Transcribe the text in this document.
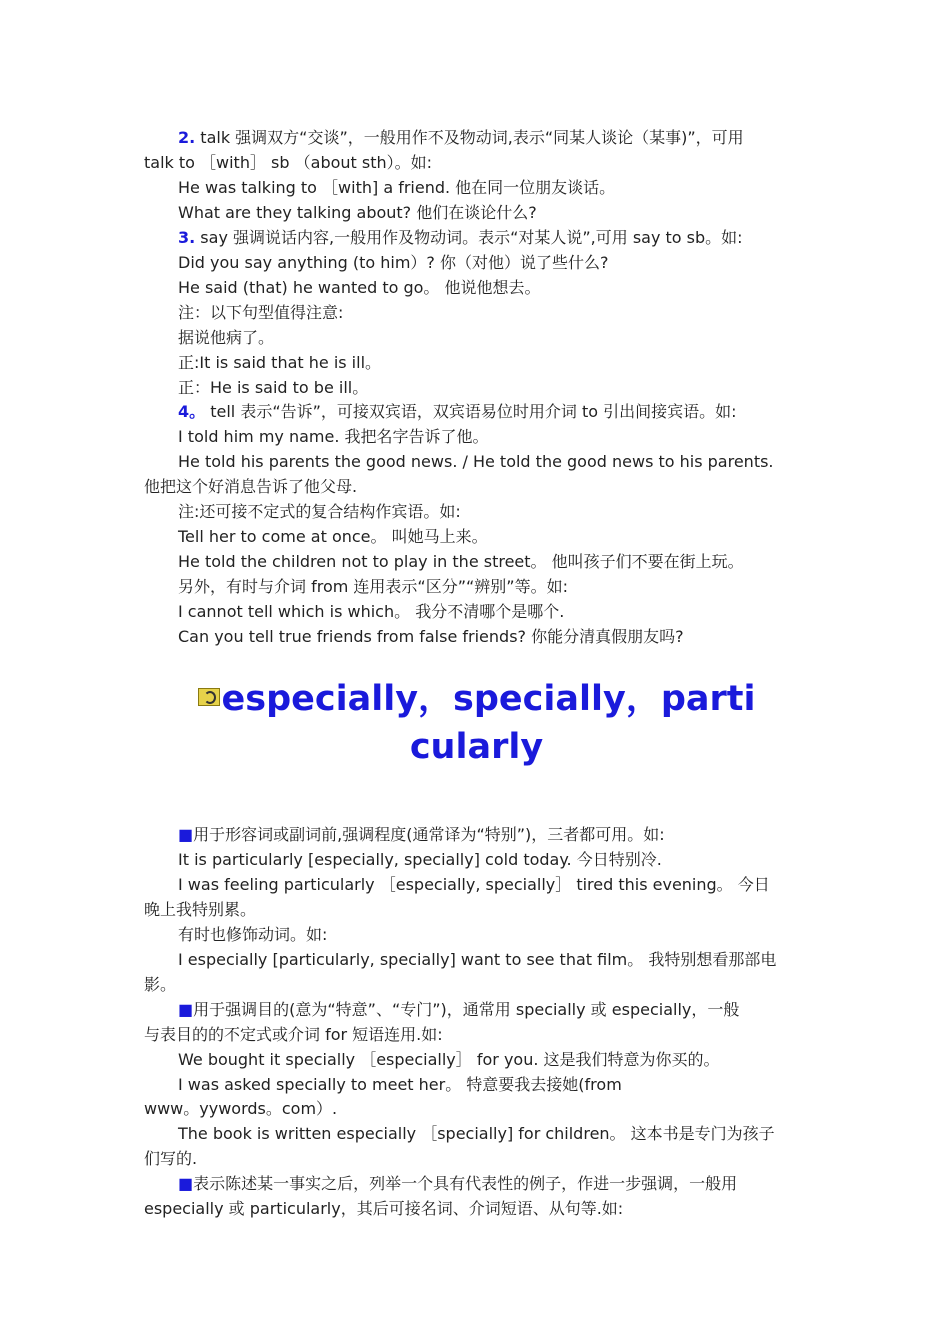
2. talk 强调双方“交谈”，一般用作不及物动词,表示“同某人谈论（某事)”，可用
talk to ［with］ sb （about sth）。如:
He was talking to ［with] a friend. 他在同一位朋友谈话。
What are they talking about? 他们在谈论什么?
3. say 强调说话内容,一般用作及物动词。表示“对某人说”,可用 say to sb。如:
Did you say anything (to him）? 你（对他）说了些什么?
He said (that) he wanted to go。 他说他想去。
注：以下句型值得注意:
据说他病了。
正:It is said that he is ill。
正：He is said to be ill。
4。 tell 表示“告诉”，可接双宾语，双宾语易位时用介词 to 引出间接宾语。如:
I told him my name. 我把名字告诉了他。
He told his parents the good news. / He told the good news to his parents.
他把这个好消息告诉了他父母.
注:还可接不定式的复合结构作宾语。如:
Tell her to come at once。 叫她马上来。
He told the children not to play in the street。 他叫孩子们不要在街上玩。
另外，有时与介词 from 连用表示“区分”“辨别”等。如:
I cannot tell which is which。 我分不清哪个是哪个.
Can you tell true friends from false friends? 你能分清真假朋友吗?
especially，specially，parti
cularly
■用于形容词或副词前,强调程度(通常译为“特别”)，三者都可用。如:
It is particularly [especially, specially] cold today. 今日特别冷.
I was feeling particularly ［especially, specially］ tired this evening。 今日
晚上我特别累。
有时也修饰动词。如:
I especially [particularly, specially] want to see that film。 我特别想看那部电
影。
■用于强调目的(意为“特意”、“专门”)，通常用 specially 或 especially，一般
与表目的的不定式或介词 for 短语连用.如:
We bought it specially ［especially］ for you. 这是我们特意为你买的。
I was asked specially to meet her。 特意要我去接她(from
www。yywords。com）.
The book is written especially ［specially] for children。 这本书是专门为孩子
们写的.
■表示陈述某一事实之后，列举一个具有代表性的例子，作进一步强调，一般用
especially 或 particularly，其后可接名词、介词短语、从句等.如:
